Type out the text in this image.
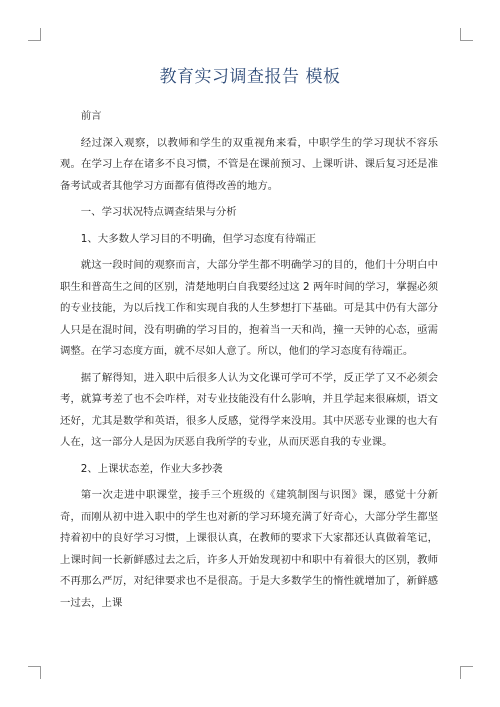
教育实习调查报告 模板

前言

经过深入观察，以教师和学生的双重视角来看，中职学生的学习现状不容乐观。在学习上存在诸多不良习惯，不管是在课前预习、上课听讲、课后复习还是准备考试或者其他学习方面都有值得改善的地方。

一、学习状况特点调查结果与分析

1、大多数人学习目的不明确，但学习态度有待端正

就这一段时间的观察而言，大部分学生都不明确学习的目的，他们十分明白中职生和普高生之间的区别，清楚地明白自我要经过这 2 两年时间的学习，掌握必须的专业技能，为以后找工作和实现自我的人生梦想打下基础。可是其中仍有大部分人只是在混时间，没有明确的学习目的，抱着当一天和尚，撞一天钟的心态，亟需调整。在学习态度方面，就不尽如人意了。所以，他们的学习态度有待端正。

据了解得知，进入职中后很多人认为文化课可学可不学，反正学了又不必须会考，就算考差了也不会咋样，对专业技能没有什么影响，并且学起来很麻烦，语文还好，尤其是数学和英语，很多人反感，觉得学来没用。其中厌恶专业课的也大有人在，这一部分人是因为厌恶自我所学的专业，从而厌恶自我的专业课。

2、上课状态差，作业大多抄袭

第一次走进中职课堂，接手三个班级的《建筑制图与识图》课，感觉十分新奇，而刚从初中进入职中的学生也对新的学习环境充满了好奇心，大部分学生都坚持着初中的良好学习习惯，上课很认真，在教师的要求下大家都还认真做着笔记，上课时间一长新鲜感过去之后，许多人开始发现初中和职中有着很大的区别，教师不再那么严厉，对纪律要求也不是很高。于是大多数学生的惰性就增加了，新鲜感一过去，上课
